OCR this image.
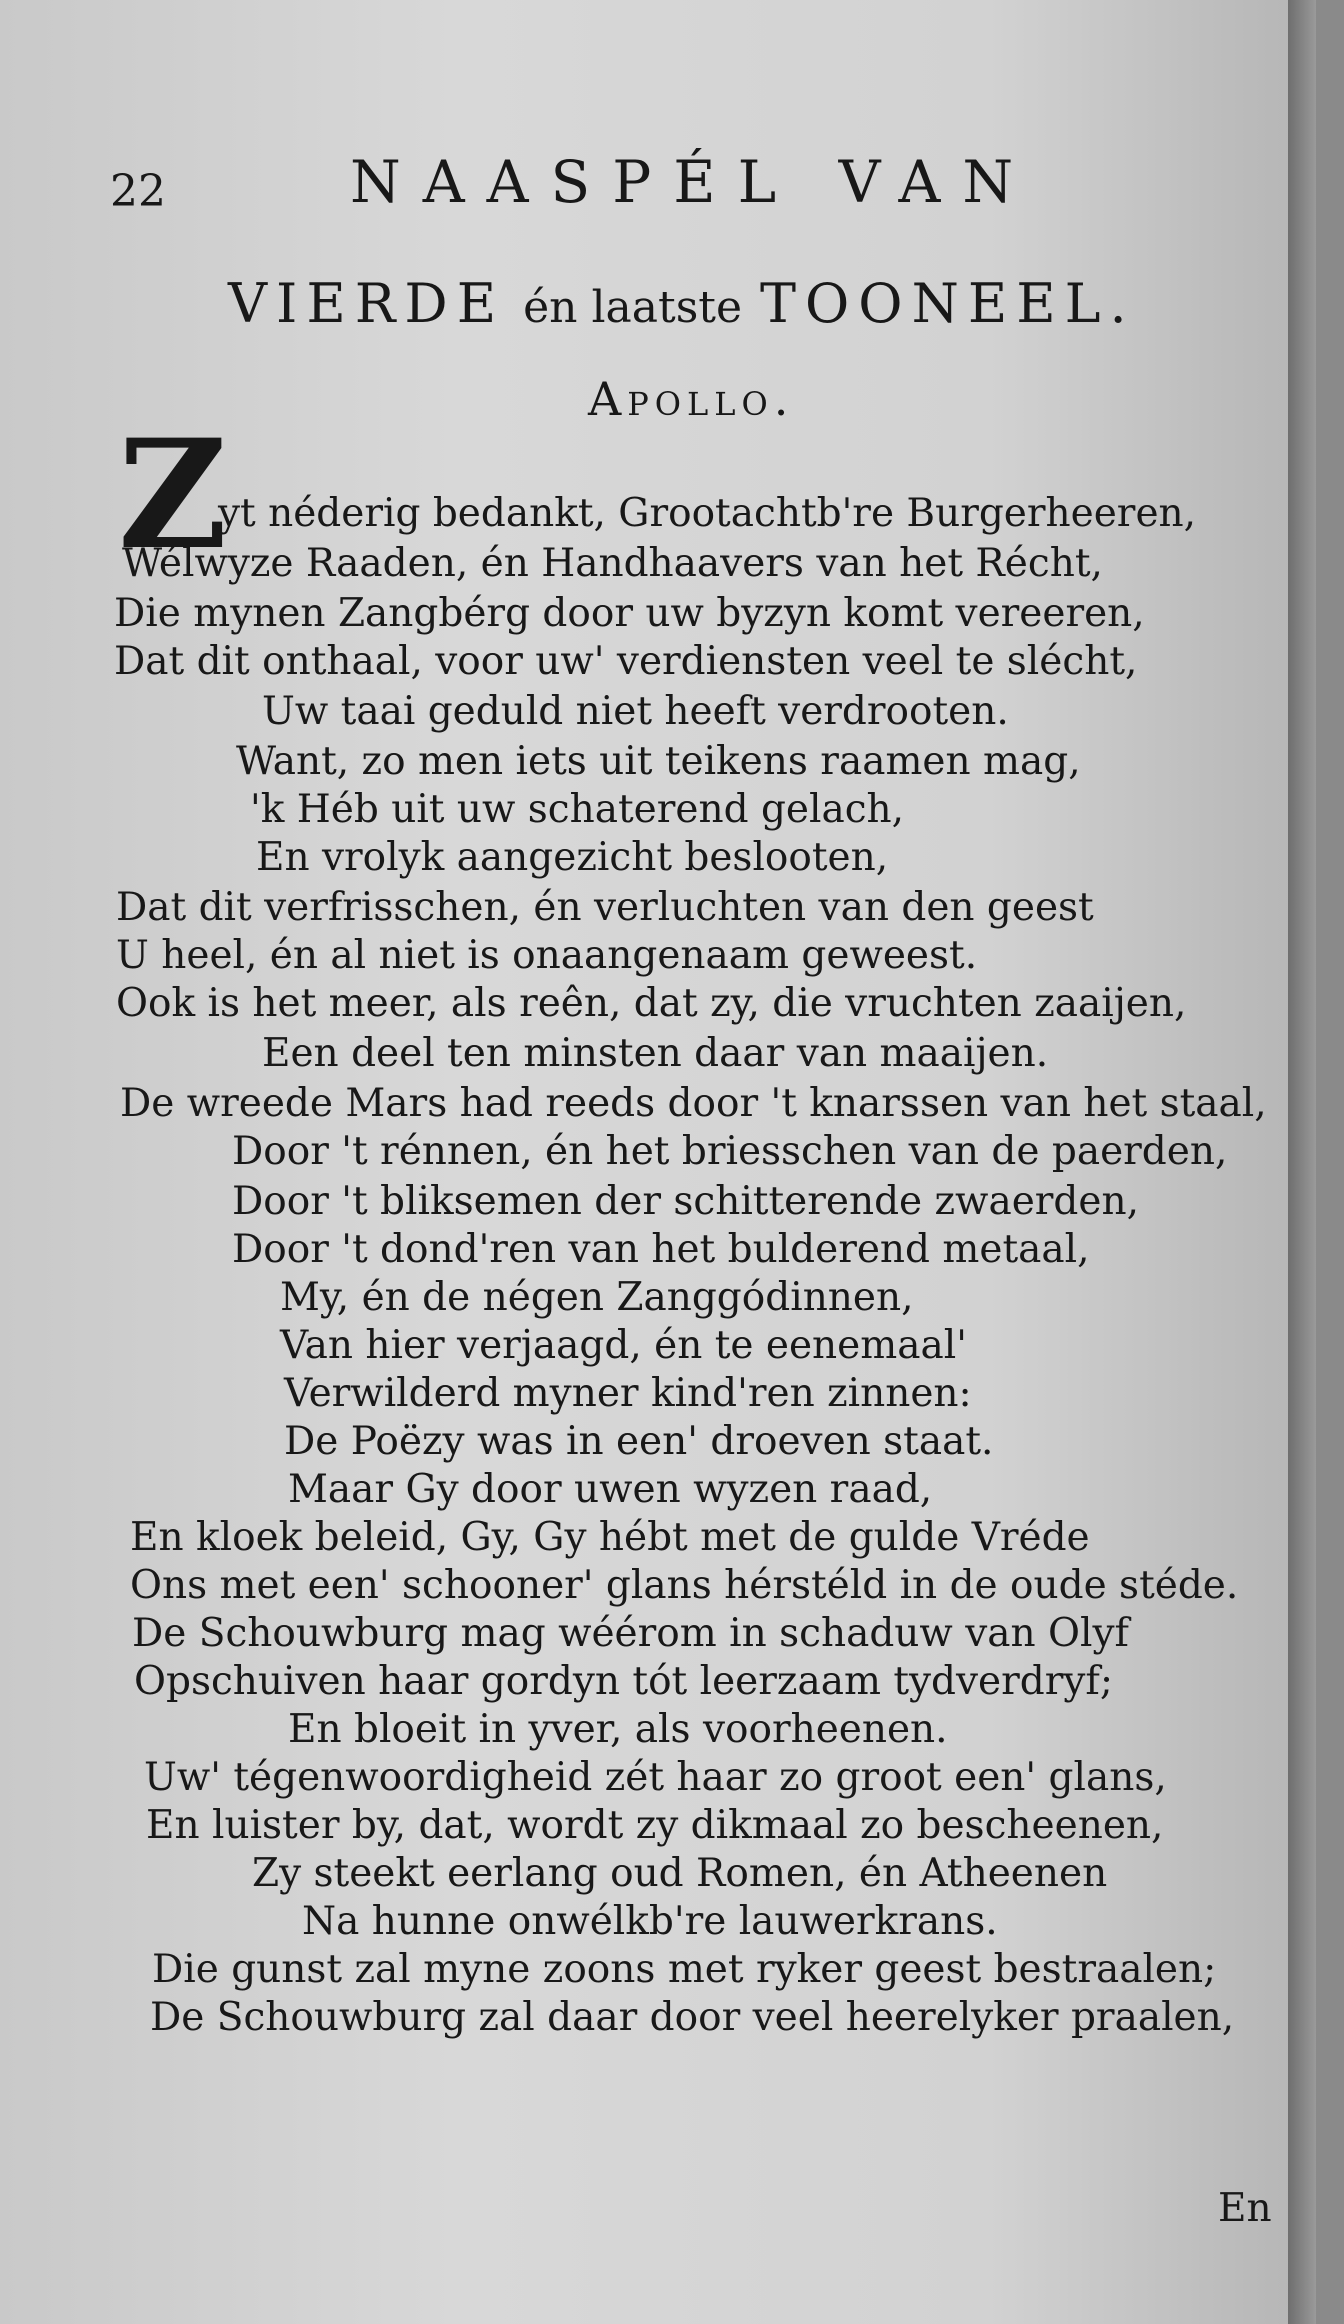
22	NAASPÉL VAN
VIERDE én laatste TOONEEL.
Apollo.
Z
yt néderig bedankt, Grootachtb're Burgerheeren,
Wélwyze Raaden, én Handhaavers van het Récht,
Die mynen Zangbérg door uw byzyn komt vereeren,
Dat dit onthaal, voor uw' verdiensten veel te slécht,
Uw taai geduld niet heeft verdrooten.
Want, zo men iets uit teikens raamen mag,
'k Héb uit uw schaterend gelach,
En vrolyk aangezicht beslooten,
Dat dit verfrisschen, én verluchten van den geest
U heel, én al niet is onaangenaam geweest.
Ook is het meer, als reên, dat zy, die vruchten zaaijen,
Een deel ten minsten daar van maaijen.
De wreede Mars had reeds door 't knarssen van het staal,
Door 't rénnen, én het briesschen van de paerden,
Door 't bliksemen der schitterende zwaerden,
Door 't dond'ren van het bulderend metaal,
My, én de négen Zanggódinnen,
Van hier verjaagd, én te eenemaal'
Verwilderd myner kind'ren zinnen:
De Poëzy was in een' droeven staat.
Maar Gy door uwen wyzen raad,
En kloek beleid, Gy, Gy hébt met de gulde Vréde
Ons met een' schooner' glans hérstéld in de oude stéde.
De Schouwburg mag wéérom in schaduw van Olyf
Opschuiven haar gordyn tót leerzaam tydverdryf;
En bloeit in yver, als voorheenen.
Uw' tégenwoordigheid zét haar zo groot een' glans,
En luister by, dat, wordt zy dikmaal zo bescheenen,
Zy steekt eerlang oud Romen, én Atheenen
Na hunne onwélkb're lauwerkrans.
Die gunst zal myne zoons met ryker geest bestraalen;
De Schouwburg zal daar door veel heerelyker praalen,
En
